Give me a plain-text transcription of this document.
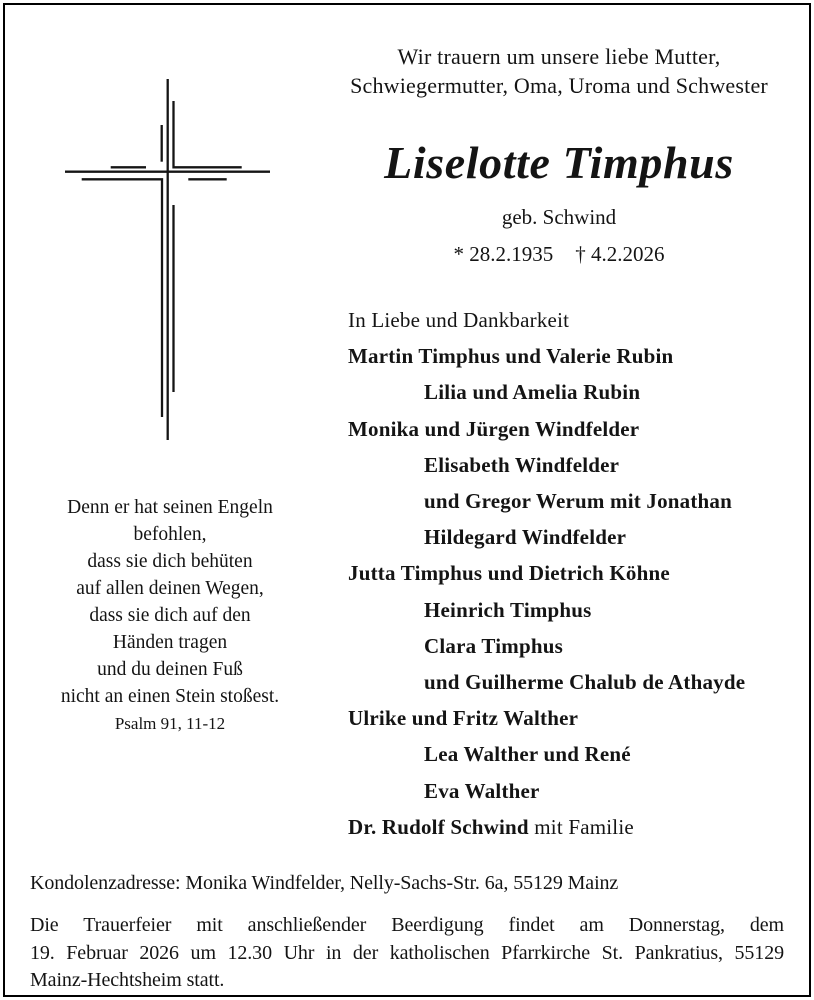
Wir trauern um unsere liebe Mutter,
Schwiegermutter, Oma, Uroma und Schwester
Liselotte Timphus
geb. Schwind
* 28.2.1935 † 4.2.2026
In Liebe und Dankbarkeit
Martin Timphus und Valerie Rubin
Lilia und Amelia Rubin
Monika und Jürgen Windfelder
Elisabeth Windfelder
und Gregor Werum mit Jonathan
Hildegard Windfelder
Jutta Timphus und Dietrich Köhne
Heinrich Timphus
Clara Timphus
und Guilherme Chalub de Athayde
Ulrike und Fritz Walther
Lea Walther und René
Eva Walther
Dr. Rudolf Schwind mit Familie
Denn er hat seinen Engeln
befohlen,
dass sie dich behüten
auf allen deinen Wegen,
dass sie dich auf den
Händen tragen
und du deinen Fuß
nicht an einen Stein stoßest.
Psalm 91, 11-12
Kondolenzadresse: Monika Windfelder, Nelly-Sachs-Str. 6a, 55129 Mainz
Die Trauerfeier mit anschließender Beerdigung findet am Donnerstag, dem
19. Februar 2026 um 12.30 Uhr in der katholischen Pfarrkirche St. Pankratius, 55129
Mainz-Hechtsheim statt.
